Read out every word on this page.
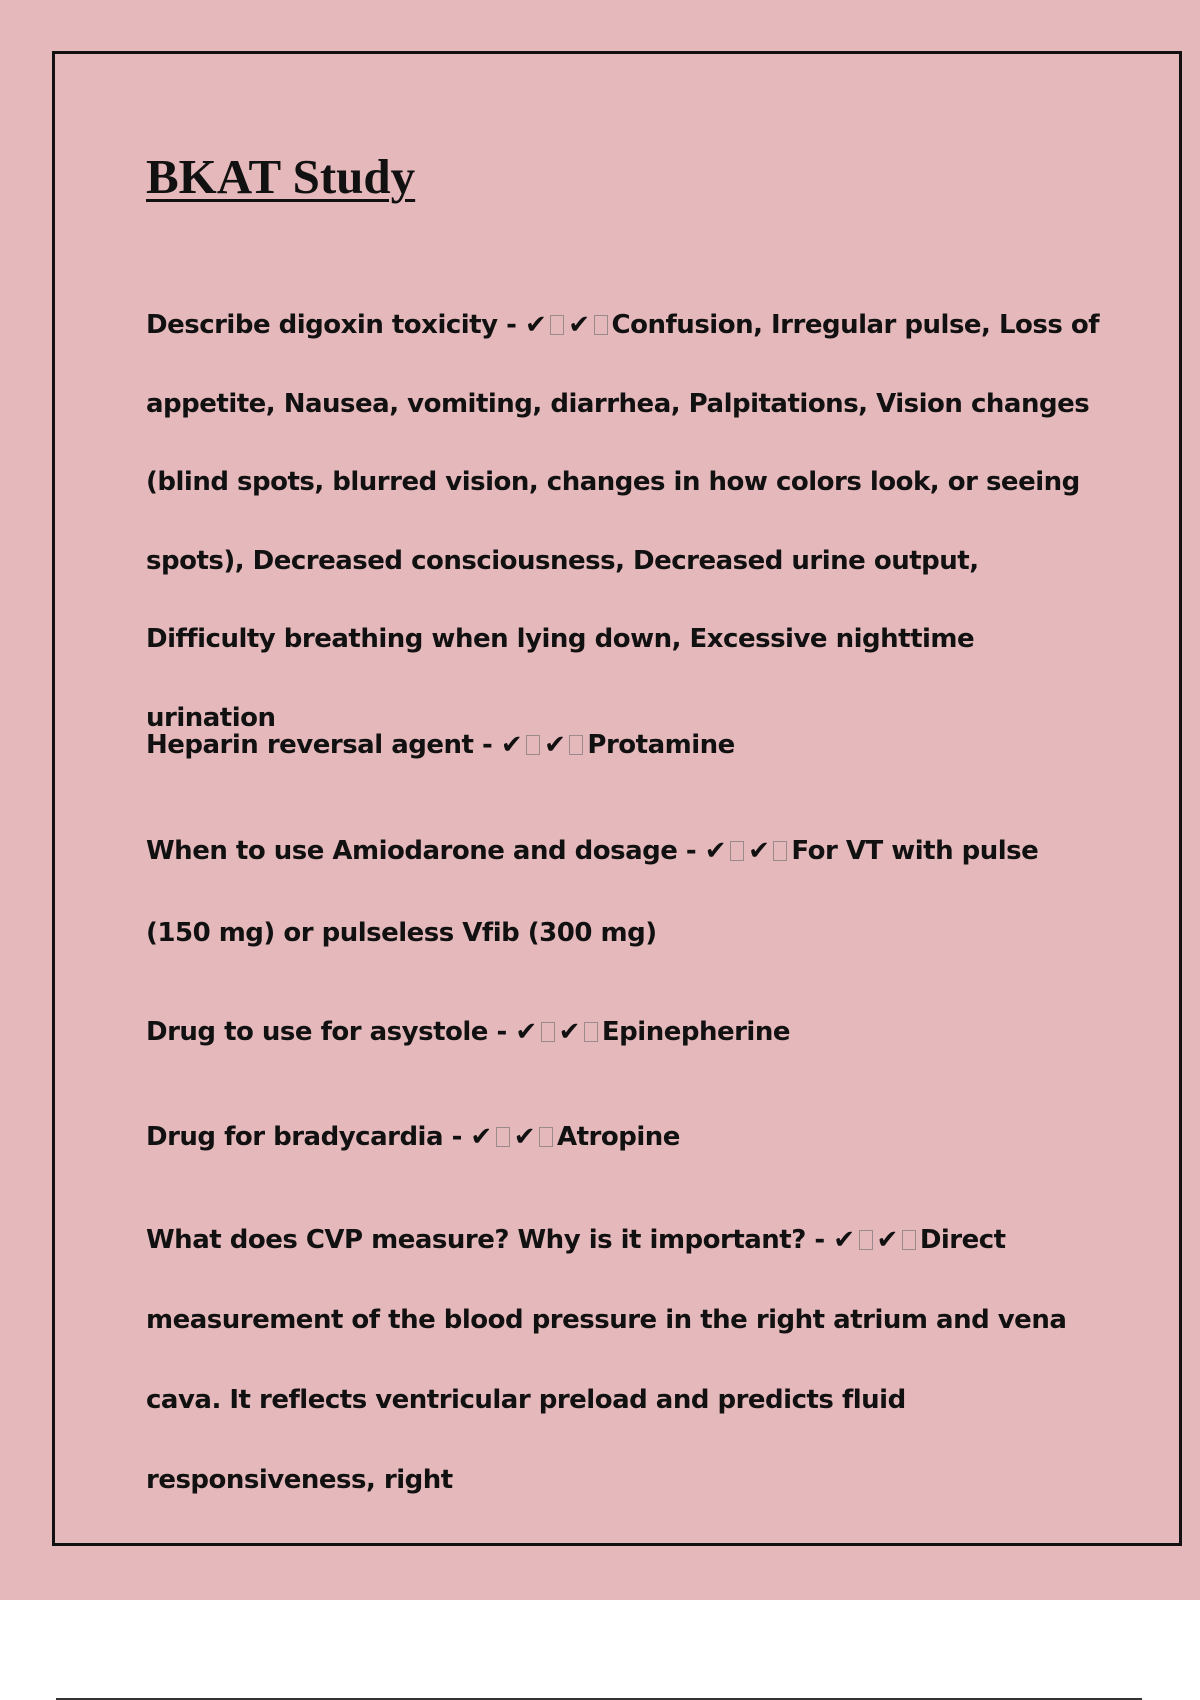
BKAT Study

Describe digoxin toxicity - ✔ ✔ Confusion, Irregular pulse, Loss of appetite, Nausea, vomiting, diarrhea, Palpitations, Vision changes (blind spots, blurred vision, changes in how colors look, or seeing spots), Decreased consciousness, Decreased urine output, Difficulty breathing when lying down, Excessive nighttime urination

Heparin reversal agent - ✔ ✔ Protamine

When to use Amiodarone and dosage - ✔ ✔ For VT with pulse (150 mg) or pulseless Vfib (300 mg)

Drug to use for asystole - ✔ ✔ Epinepherine

Drug for bradycardia - ✔ ✔ Atropine

What does CVP measure? Why is it important? - ✔ ✔ Direct measurement of the blood pressure in the right atrium and vena cava. It reflects ventricular preload and predicts fluid responsiveness, right
